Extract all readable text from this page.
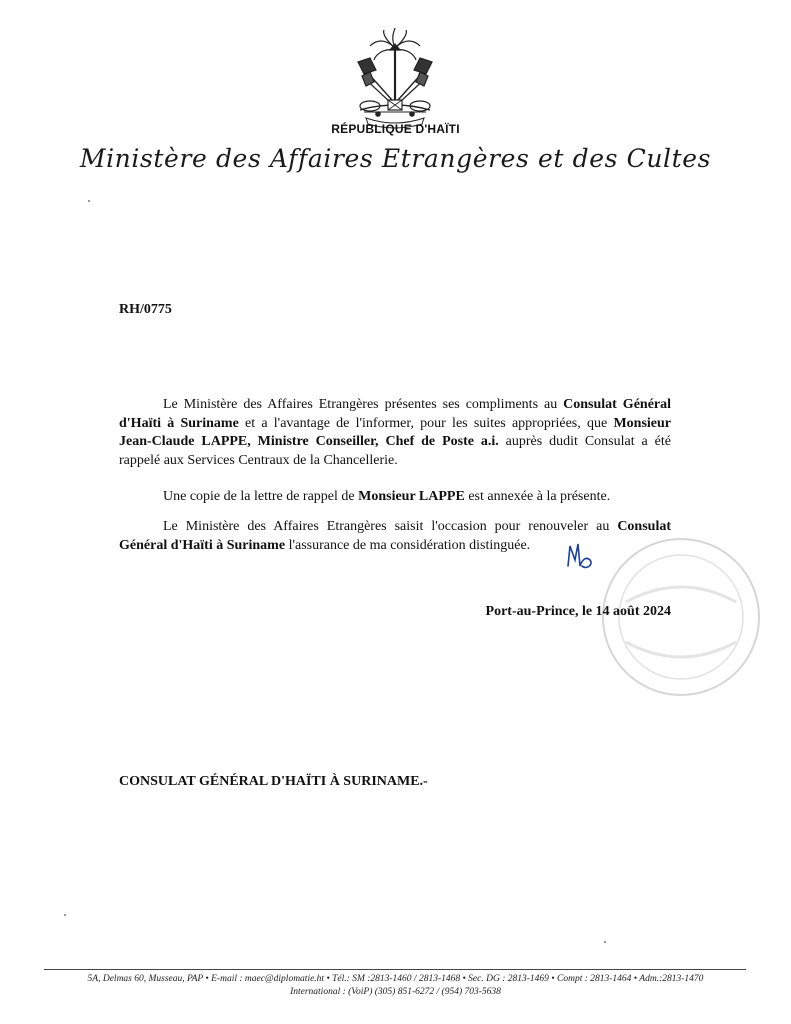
RÉPUBLIQUE D'HAÏTI
Ministère des Affaires Etrangères et des Cultes
RH/0775

Le Ministère des Affaires Etrangères présentes ses compliments au Consulat Général d'Haïti à Suriname et a l'avantage de l'informer, pour les suites appropriées, que Monsieur Jean-Claude LAPPE, Ministre Conseiller, Chef de Poste a.i. auprès dudit Consulat a été rappelé aux Services Centraux de la Chancellerie.

Une copie de la lettre de rappel de Monsieur LAPPE est annexée à la présente.

Le Ministère des Affaires Etrangères saisit l'occasion pour renouveler au Consulat Général d'Haïti à Suriname l'assurance de ma considération distinguée.

Port-au-Prince, le 14 août 2024
CONSULAT GÉNÉRAL D'HAÏTI À SURINAME.-
5A, Delmas 60, Musseau, PAP • E-mail : maec@diplomatie.ht • Tél.: SM :2813-1460 / 2813-1468 • Sec. DG : 2813-1469 • Compt : 2813-1464 • Adm.:2813-1470
International : (VoiP) (305) 851-6272 / (954) 703-5638
